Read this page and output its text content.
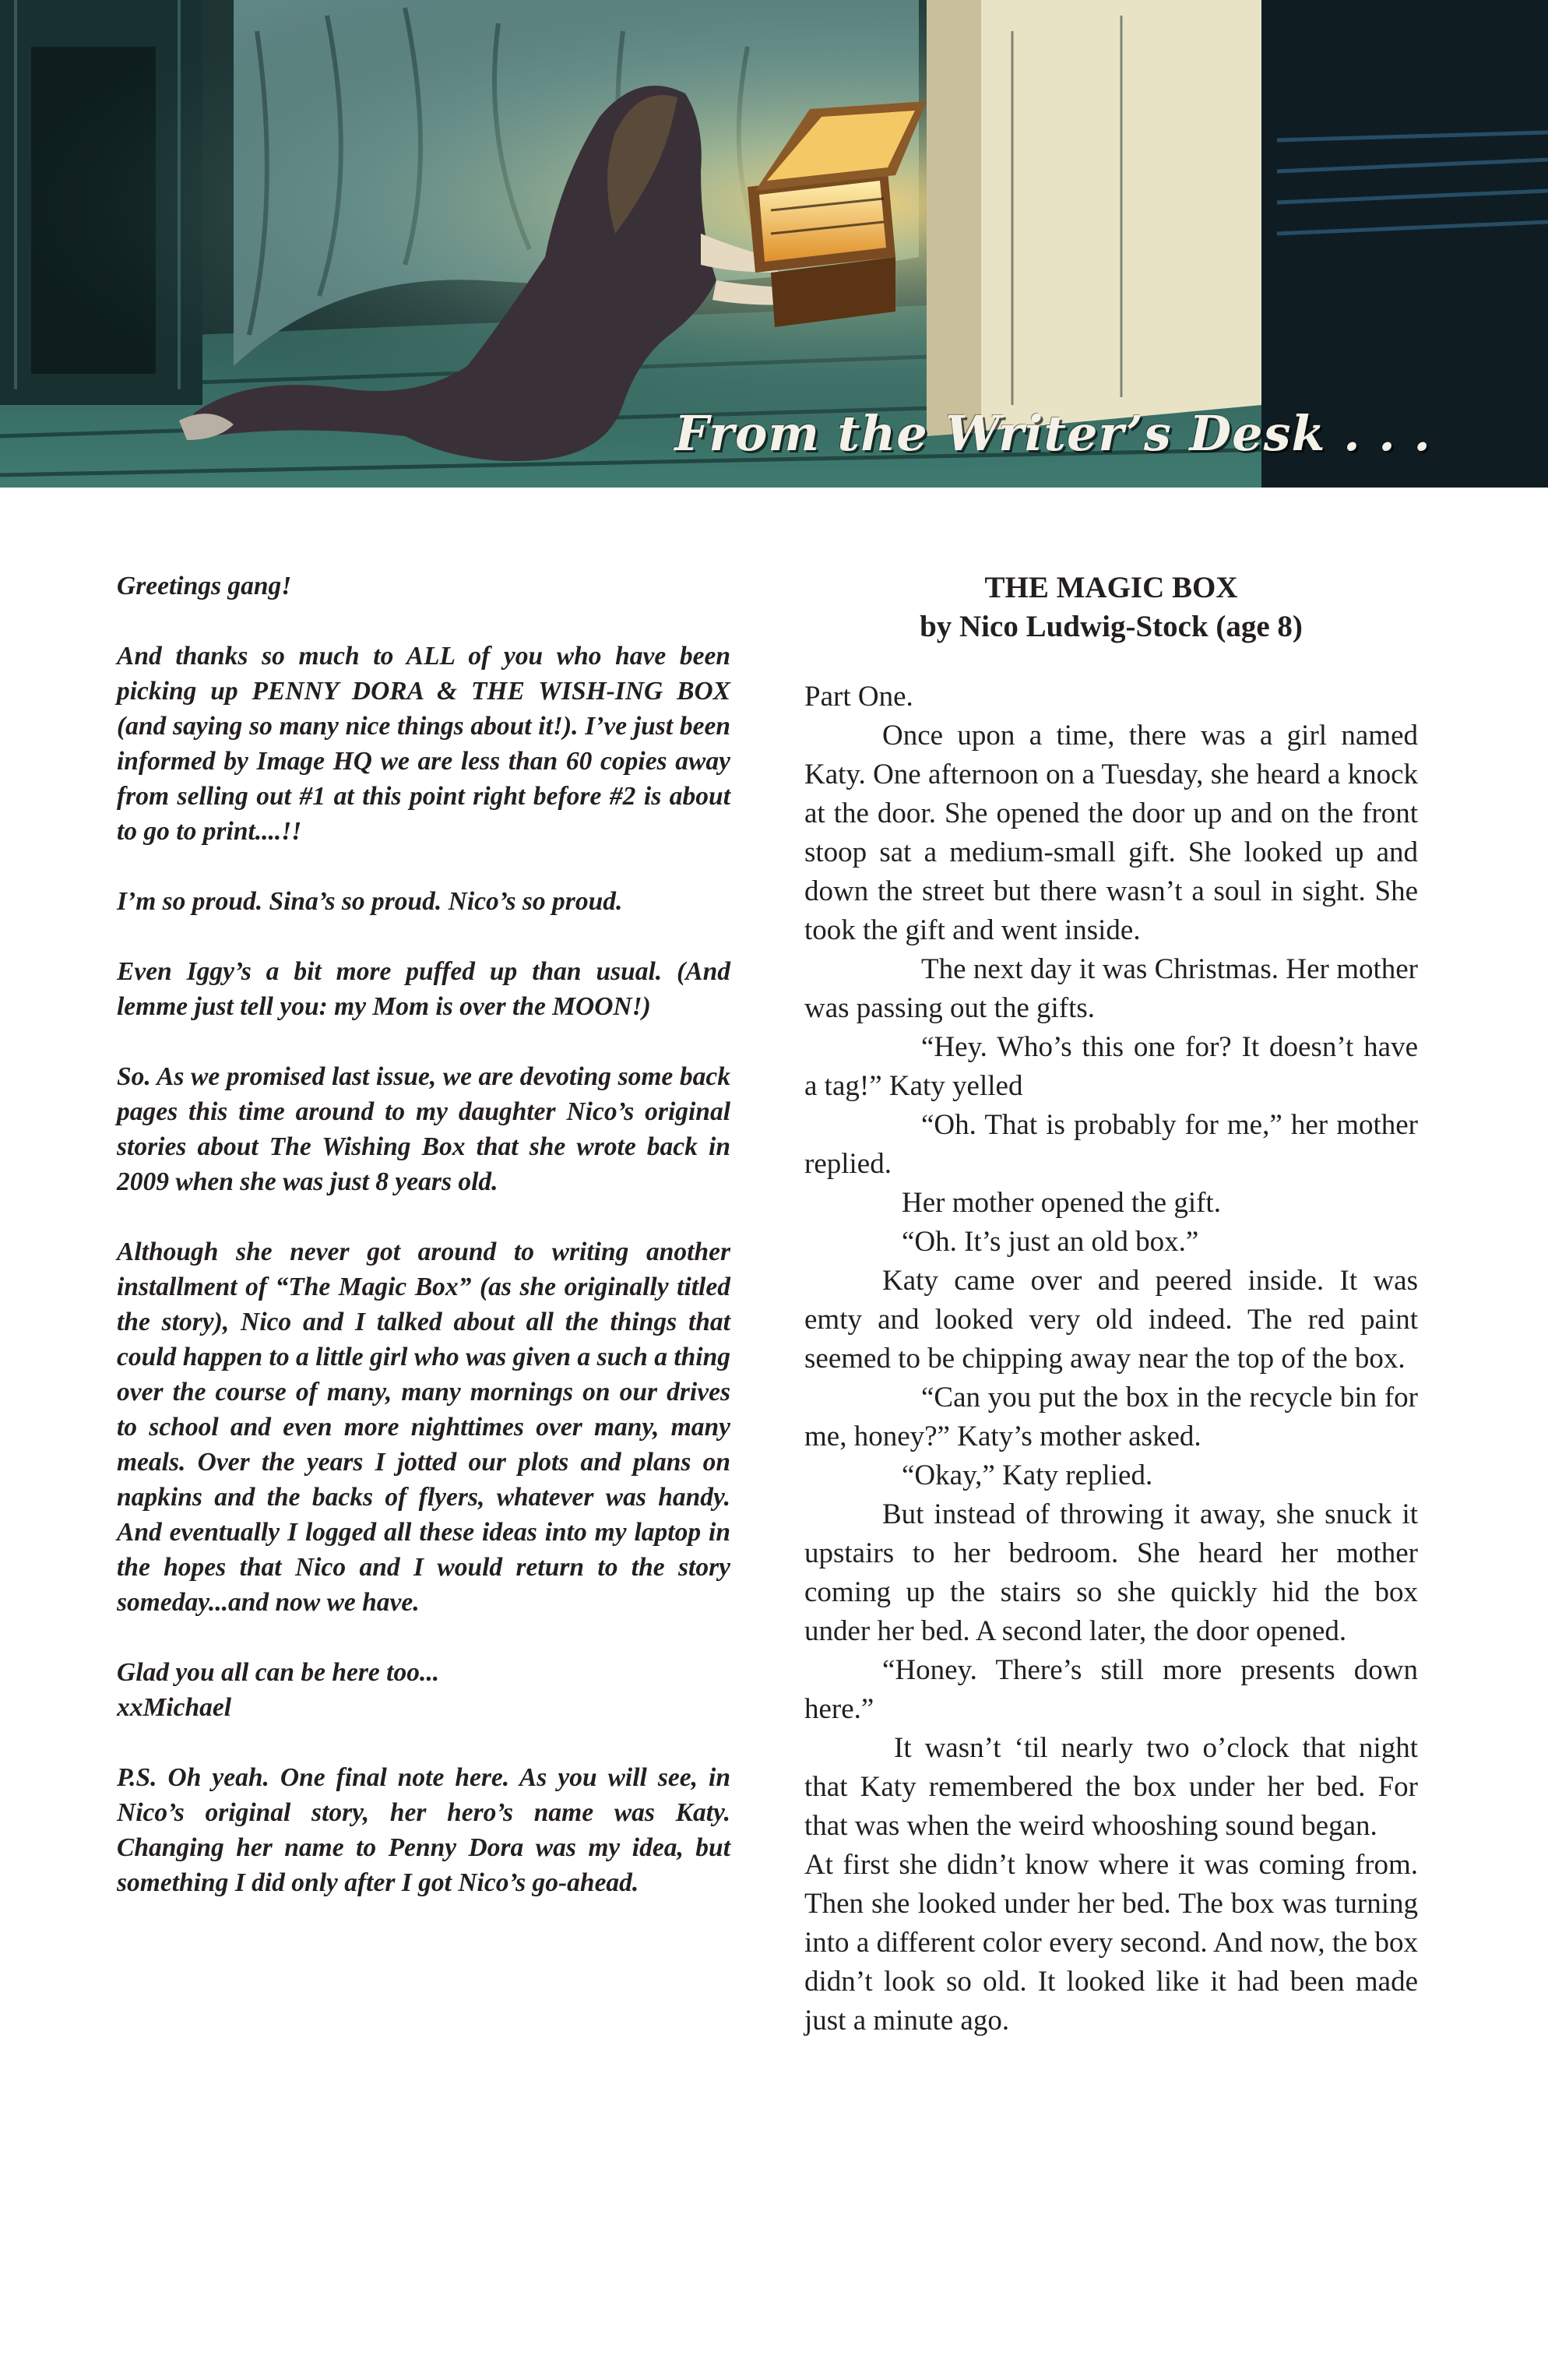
From the Writer’s Desk . . .

Greetings gang!

And thanks so much to ALL of you who have been picking up PENNY DORA & THE WISH-ING BOX (and saying so many nice things about it!). I’ve just been informed by Image HQ we are less than 60 copies away from selling out #1 at this point right before #2 is about to go to print....!!

I’m so proud. Sina’s so proud. Nico’s so proud.

Even Iggy’s a bit more puffed up than usual. (And lemme just tell you: my Mom is over the MOON!)

So. As we promised last issue, we are devoting some back pages this time around to my daughter Nico’s original stories about The Wishing Box that she wrote back in 2009 when she was just 8 years old.

Although she never got around to writing another installment of “The Magic Box” (as she originally titled the story), Nico and I talked about all the things that could happen to a little girl who was given a such a thing over the course of many, many mornings on our drives to school and even more nighttimes over many, many meals. Over the years I jotted our plots and plans on napkins and the backs of flyers, whatever was handy. And eventually I logged all these ideas into my laptop in the hopes that Nico and I would return to the story someday...and now we have.

Glad you all can be here too...

xxMichael

P.S. Oh yeah. One final note here. As you will see, in Nico’s original story, her hero’s name was Katy. Changing her name to Penny Dora was my idea, but something I did only after I got Nico’s go-ahead.

THE MAGIC BOX
by Nico Ludwig-Stock (age 8)

Part One.

Once upon a time, there was a girl named Katy. One afternoon on a Tuesday, she heard a knock at the door. She opened the door up and on the front stoop sat a medium-small gift. She looked up and down the street but there wasn’t a soul in sight. She took the gift and went inside.

The next day it was Christmas. Her mother was passing out the gifts.

“Hey. Who’s this one for? It doesn’t have a tag!” Katy yelled

“Oh. That is probably for me,” her mother replied.

Her mother opened the gift.

“Oh. It’s just an old box.”

Katy came over and peered inside. It was emty and looked very old indeed. The red paint seemed to be chipping away near the top of the box.

“Can you put the box in the recycle bin for me, honey?” Katy’s mother asked.

“Okay,” Katy replied.

But instead of throwing it away, she snuck it upstairs to her bedroom. She heard her mother coming up the stairs so she quickly hid the box under her bed. A second later, the door opened.

“Honey. There’s still more presents down here.”

It wasn’t ‘til nearly two o’clock that night that Katy remembered the box under her bed. For that was when the weird whooshing sound began.

At first she didn’t know where it was coming from. Then she looked under her bed. The box was turning into a different color every second. And now, the box didn’t look so old. It looked like it had been made just a minute ago.
